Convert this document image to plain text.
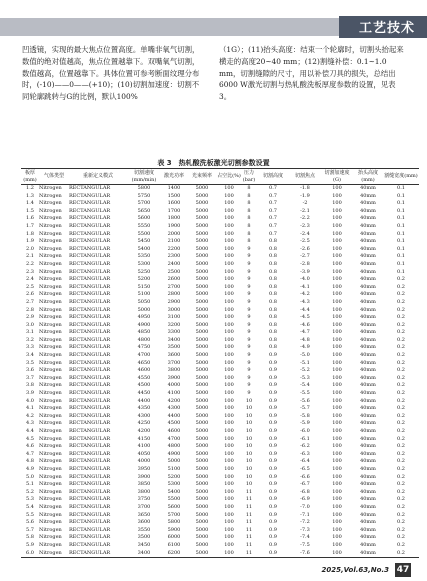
工艺技术

凹透镜，实现的最大焦点位置高度。单嘴非氧气切割，数值的绝对值越高，焦点位置越靠下。双嘴氧气切割，数值越高，位置越靠下。具体位置可参考断面纹理分布时，(-10)——0——(+10)；(10)切割加速度：切割不同轮廓跳转与G的比例，默认100%

（1G）；(11)抬头高度：结束一个轮廓时，切割头抬起来横走的高度20~40 mm；(12)割缝补偿：0.1~1.0 mm，切割缝隙的尺寸，用以补偿刀具的损失，总结出6000 W激光切割与热轧酸洗板厚度参数的设置，见表3。

表 3　热轧酸洗板激光切割参数设置
板厚(mm)	气体类型	重新定义模式	切割速度(mm/min)	激光功率	光束频率	占空比(%)	压力(bar)	切割高度	切割焦点	切割加速度(G)	抬头高度(mm)	割缝宽度(mm)
1.2	Nitrogen	RECTANGULAR	5800	1400	5000	100	8	0.7	-1.8	100	40mm	0.1
1.3	Nitrogen	RECTANGULAR	5750	1500	5000	100	8	0.7	-1.9	100	40mm	0.1
1.4	Nitrogen	RECTANGULAR	5700	1600	5000	100	8	0.7	-2	100	40mm	0.1
1.5	Nitrogen	RECTANGULAR	5650	1700	5000	100	8	0.7	-2.1	100	40mm	0.1
1.6	Nitrogen	RECTANGULAR	5600	1800	5000	100	8	0.7	-2.2	100	40mm	0.1
1.7	Nitrogen	RECTANGULAR	5550	1900	5000	100	8	0.7	-2.3	100	40mm	0.1
1.8	Nitrogen	RECTANGULAR	5500	2000	5000	100	8	0.7	-2.4	100	40mm	0.1
1.9	Nitrogen	RECTANGULAR	5450	2100	5000	100	8	0.8	-2.5	100	40mm	0.1
2.0	Nitrogen	RECTANGULAR	5400	2200	5000	100	9	0.8	-2.6	100	40mm	0.1
2.1	Nitrogen	RECTANGULAR	5350	2300	5000	100	9	0.8	-2.7	100	40mm	0.1
2.2	Nitrogen	RECTANGULAR	5300	2400	5000	100	9	0.8	-2.8	100	40mm	0.1
2.3	Nitrogen	RECTANGULAR	5250	2500	5000	100	9	0.8	-3.9	100	40mm	0.1
2.4	Nitrogen	RECTANGULAR	5200	2600	5000	100	9	0.8	-4.0	100	40mm	0.2
2.5	Nitrogen	RECTANGULAR	5150	2700	5000	100	9	0.8	-4.1	100	40mm	0.2
2.6	Nitrogen	RECTANGULAR	5100	2800	5000	100	9	0.8	-4.2	100	40mm	0.2
2.7	Nitrogen	RECTANGULAR	5050	2900	5000	100	9	0.8	-4.3	100	40mm	0.2
2.8	Nitrogen	RECTANGULAR	5000	3000	5000	100	9	0.8	-4.4	100	40mm	0.2
2.9	Nitrogen	RECTANGULAR	4950	3100	5000	100	9	0.8	-4.5	100	40mm	0.2
3.0	Nitrogen	RECTANGULAR	4900	3200	5000	100	9	0.8	-4.6	100	40mm	0.2
3.1	Nitrogen	RECTANGULAR	4850	3300	5000	100	9	0.8	-4.7	100	40mm	0.2
3.2	Nitrogen	RECTANGULAR	4800	3400	5000	100	9	0.8	-4.8	100	40mm	0.2
3.3	Nitrogen	RECTANGULAR	4750	3500	5000	100	9	0.8	-4.9	100	40mm	0.2
3.4	Nitrogen	RECTANGULAR	4700	3600	5000	100	9	0.9	-5.0	100	40mm	0.2
3.5	Nitrogen	RECTANGULAR	4650	3700	5000	100	9	0.9	-5.1	100	40mm	0.2
3.6	Nitrogen	RECTANGULAR	4600	3800	5000	100	9	0.9	-5.2	100	40mm	0.2
3.7	Nitrogen	RECTANGULAR	4550	3900	5000	100	9	0.9	-5.3	100	40mm	0.2
3.8	Nitrogen	RECTANGULAR	4500	4000	5000	100	9	0.9	-5.4	100	40mm	0.2
3.9	Nitrogen	RECTANGULAR	4450	4100	5000	100	9	0.9	-5.5	100	40mm	0.2
4.0	Nitrogen	RECTANGULAR	4400	4200	5000	100	10	0.9	-5.6	100	40mm	0.2
4.1	Nitrogen	RECTANGULAR	4350	4300	5000	100	10	0.9	-5.7	100	40mm	0.2
4.2	Nitrogen	RECTANGULAR	4300	4400	5000	100	10	0.9	-5.8	100	40mm	0.2
4.3	Nitrogen	RECTANGULAR	4250	4500	5000	100	10	0.9	-5.9	100	40mm	0.2
4.4	Nitrogen	RECTANGULAR	4200	4600	5000	100	10	0.9	-6.0	100	40mm	0.2
4.5	Nitrogen	RECTANGULAR	4150	4700	5000	100	10	0.9	-6.1	100	40mm	0.2
4.6	Nitrogen	RECTANGULAR	4100	4800	5000	100	10	0.9	-6.2	100	40mm	0.2
4.7	Nitrogen	RECTANGULAR	4050	4900	5000	100	10	0.9	-6.3	100	40mm	0.2
4.8	Nitrogen	RECTANGULAR	4000	5000	5000	100	10	0.9	-6.4	100	40mm	0.2
4.9	Nitrogen	RECTANGULAR	3950	5100	5000	100	10	0.9	-6.5	100	40mm	0.2
5.0	Nitrogen	RECTANGULAR	3900	5200	5000	100	10	0.9	-6.6	100	40mm	0.2
5.1	Nitrogen	RECTANGULAR	3850	5300	5000	100	10	0.9	-6.7	100	40mm	0.2
5.2	Nitrogen	RECTANGULAR	3800	5400	5000	100	11	0.9	-6.8	100	40mm	0.2
5.3	Nitrogen	RECTANGULAR	3750	5500	5000	100	11	0.9	-6.9	100	40mm	0.2
5.4	Nitrogen	RECTANGULAR	3700	5600	5000	100	11	0.9	-7.0	100	40mm	0.2
5.5	Nitrogen	RECTANGULAR	3650	5700	5000	100	11	0.9	-7.1	100	40mm	0.2
5.6	Nitrogen	RECTANGULAR	3600	5800	5000	100	11	0.9	-7.2	100	40mm	0.2
5.7	Nitrogen	RECTANGULAR	3550	5900	5000	100	11	0.9	-7.3	100	40mm	0.2
5.8	Nitrogen	RECTANGULAR	3500	6000	5000	100	11	0.9	-7.4	100	40mm	0.2
5.9	Nitrogen	RECTANGULAR	3450	6100	5000	100	11	0.9	-7.5	100	40mm	0.2
6.0	Nitrogen	RECTANGULAR	3400	6200	5000	100	11	0.9	-7.6	100	40mm	0.2
2025,Vol.63,No.3 47
